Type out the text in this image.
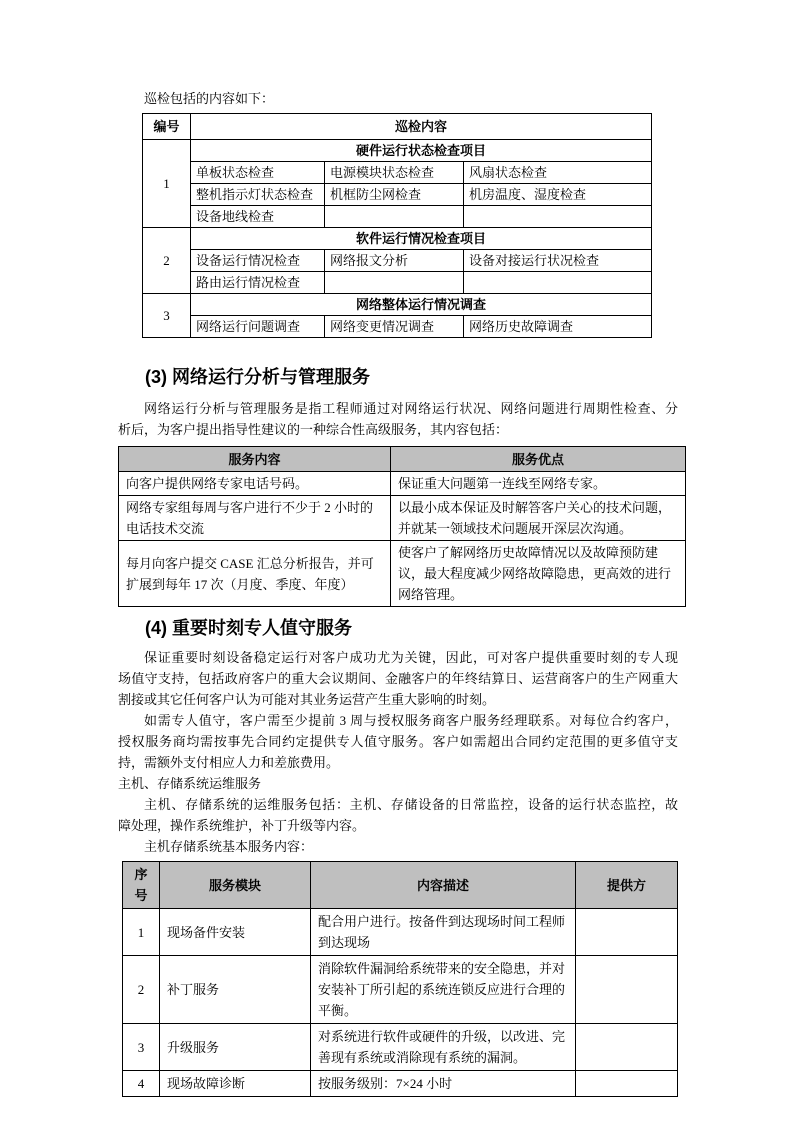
巡检包括的内容如下：
编号	巡检内容		
1	硬件运行状态检查项目		
	单板状态检查	电源模块状态检查	风扇状态检查
	整机指示灯状态检查	机框防尘网检查	机房温度、湿度检查
	设备地线检查		
2	软件运行情况检查项目		
	设备运行情况检查	网络报文分析	设备对接运行状况检查
	路由运行情况检查		
3	网络整体运行情况调查		
	网络运行问题调查	网络变更情况调查	网络历史故障调查
(3) 网络运行分析与管理服务
网络运行分析与管理服务是指工程师通过对网络运行状况、网络问题进行周期性检查、分
析后，为客户提出指导性建议的一种综合性高级服务，其内容包括：
服务内容	服务优点
向客户提供网络专家电话号码。	保证重大问题第一连线至网络专家。
网络专家组每周与客户进行不少于 2 小时的电话技术交流	以最小成本保证及时解答客户关心的技术问题，并就某一领域技术问题展开深层次沟通。
每月向客户提交 CASE 汇总分析报告，并可扩展到每年 17 次（月度、季度、年度）	使客户了解网络历史故障情况以及故障预防建议，最大程度减少网络故障隐患，更高效的进行网络管理。
(4) 重要时刻专人值守服务
保证重要时刻设备稳定运行对客户成功尤为关键，因此，可对客户提供重要时刻的专人现
场值守支持，包括政府客户的重大会议期间、金融客户的年终结算日、运营商客户的生产网重大
割接或其它任何客户认为可能对其业务运营产生重大影响的时刻。
如需专人值守，客户需至少提前 3 周与授权服务商客户服务经理联系。对每位合约客户，
授权服务商均需按事先合同约定提供专人值守服务。客户如需超出合同约定范围的更多值守支
持，需额外支付相应人力和差旅费用。
主机、存储系统运维服务
主机、存储系统的运维服务包括：主机、存储设备的日常监控，设备的运行状态监控，故
障处理，操作系统维护，补丁升级等内容。
主机存储系统基本服务内容：
序号	服务模块	内容描述	提供方
1	现场备件安装	配合用户进行。按备件到达现场时间工程师到达现场	
2	补丁服务	消除软件漏洞给系统带来的安全隐患，并对安装补丁所引起的系统连锁反应进行合理的平衡。	
3	升级服务	对系统进行软件或硬件的升级，以改进、完善现有系统或消除现有系统的漏洞。	
4	现场故障诊断	按服务级别：7×24 小时	
